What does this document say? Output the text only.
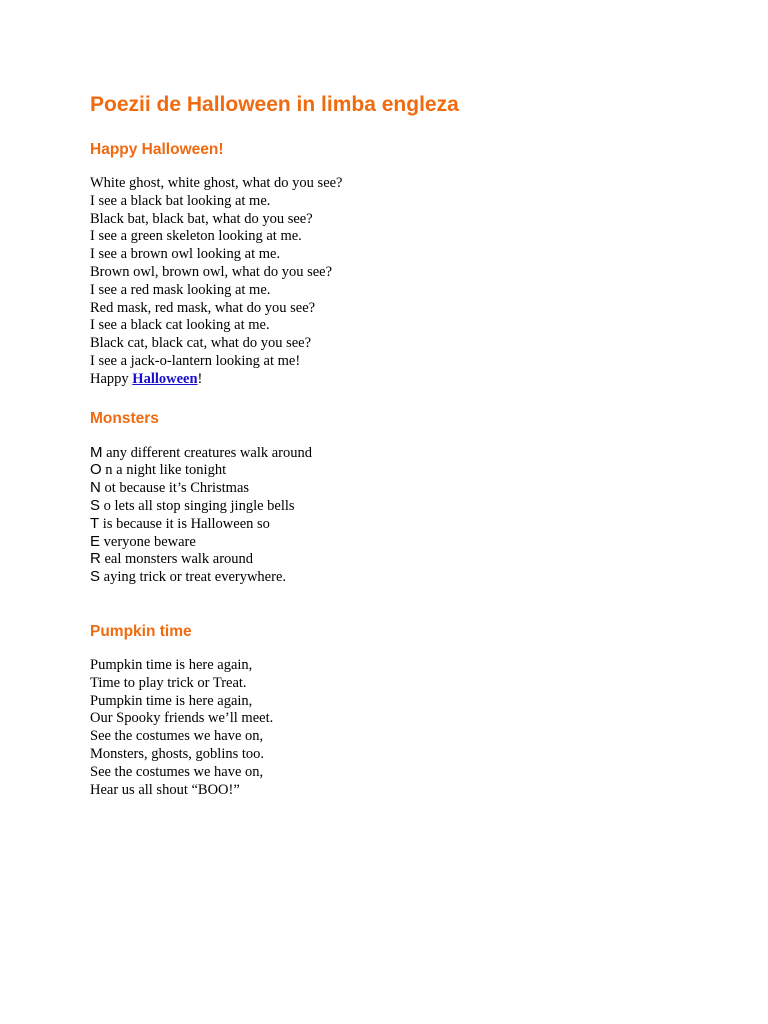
Poezii de Halloween in limba engleza
Happy Halloween!
White ghost, white ghost, what do you see?
I see a black bat looking at me.
Black bat, black bat, what do you see?
I see a green skeleton looking at me.
I see a brown owl looking at me.
Brown owl, brown owl, what do you see?
I see a red mask looking at me.
Red mask, red mask, what do you see?
I see a black cat looking at me.
Black cat, black cat, what do you see?
I see a jack-o-lantern looking at me!
Happy Halloween!
Monsters
M any different creatures walk around
O n a night like tonight
N ot because it’s Christmas
S o lets all stop singing jingle bells
T is because it is Halloween so
E veryone beware
R eal monsters walk around
S aying trick or treat everywhere.
Pumpkin time
Pumpkin time is here again,
Time to play trick or Treat.
Pumpkin time is here again,
Our Spooky friends we’ll meet.
See the costumes we have on,
Monsters, ghosts, goblins too.
See the costumes we have on,
Hear us all shout “BOO!”
